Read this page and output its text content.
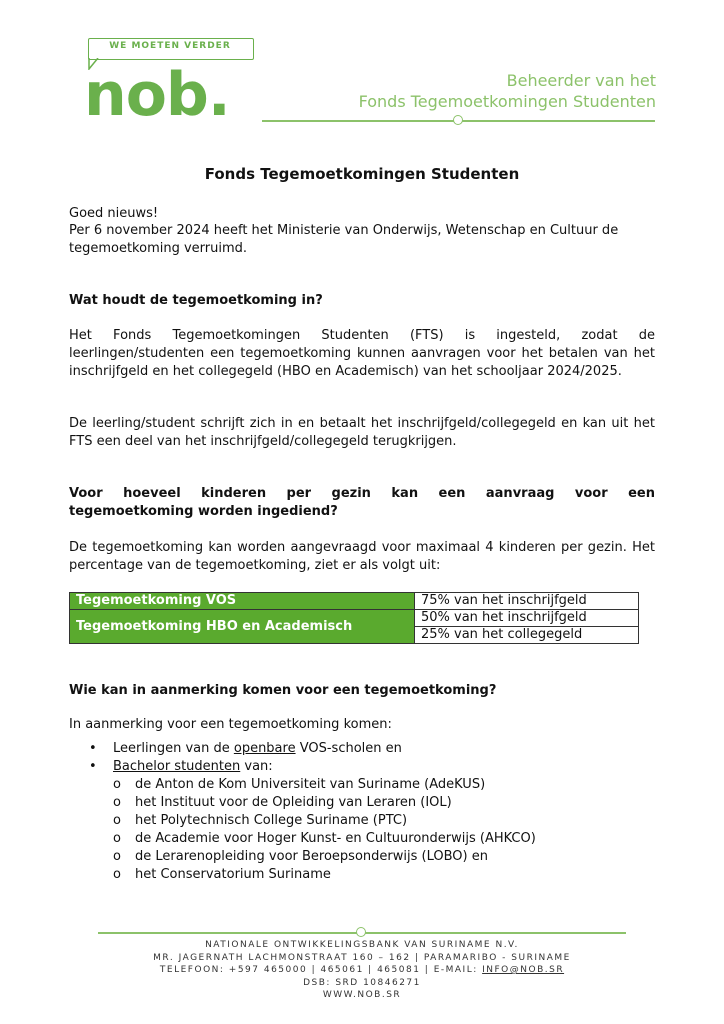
WE MOETEN VERDER
nob.	Beheerder van het
Fonds Tegemoetkomingen Studenten
Fonds Tegemoetkomingen Studenten
Goed nieuws!
Per 6 november 2024 heeft het Ministerie van Onderwijs, Wetenschap en Cultuur de tegemoetkoming verruimd.
Wat houdt de tegemoetkoming in?
Het Fonds Tegemoetkomingen Studenten (FTS) is ingesteld, zodat de leerlingen/studenten een tegemoetkoming kunnen aanvragen voor het betalen van het inschrijfgeld en het collegegeld (HBO en Academisch) van het schooljaar 2024/2025.
De leerling/student schrijft zich in en betaalt het inschrijfgeld/collegegeld en kan uit het FTS een deel van het inschrijfgeld/collegegeld terugkrijgen.
Voor hoeveel kinderen per gezin kan een aanvraag voor een
tegemoetkoming worden ingediend?
De tegemoetkoming kan worden aangevraagd voor maximaal 4 kinderen per gezin. Het percentage van de tegemoetkoming, ziet er als volgt uit:
Tegemoetkoming VOS	75% van het inschrijfgeld
Tegemoetkoming HBO en Academisch	50% van het inschrijfgeld
	25% van het collegegeld
Wie kan in aanmerking komen voor een tegemoetkoming?
In aanmerking voor een tegemoetkoming komen:
• Leerlingen van de openbare VOS-scholen en
• Bachelor studenten van:
o de Anton de Kom Universiteit van Suriname (AdeKUS)
o het Instituut voor de Opleiding van Leraren (IOL)
o het Polytechnisch College Suriname (PTC)
o de Academie voor Hoger Kunst- en Cultuuronderwijs (AHKCO)
o de Lerarenopleiding voor Beroepsonderwijs (LOBO) en
o het Conservatorium Suriname
NATIONALE ONTWIKKELINGSBANK VAN SURINAME N.V.
MR. JAGERNATH LACHMONSTRAAT 160 – 162 | PARAMARIBO - SURINAME
TELEFOON: +597 465000 | 465061 | 465081 | E-MAIL: INFO@NOB.SR
DSB: SRD 10846271
WWW.NOB.SR
